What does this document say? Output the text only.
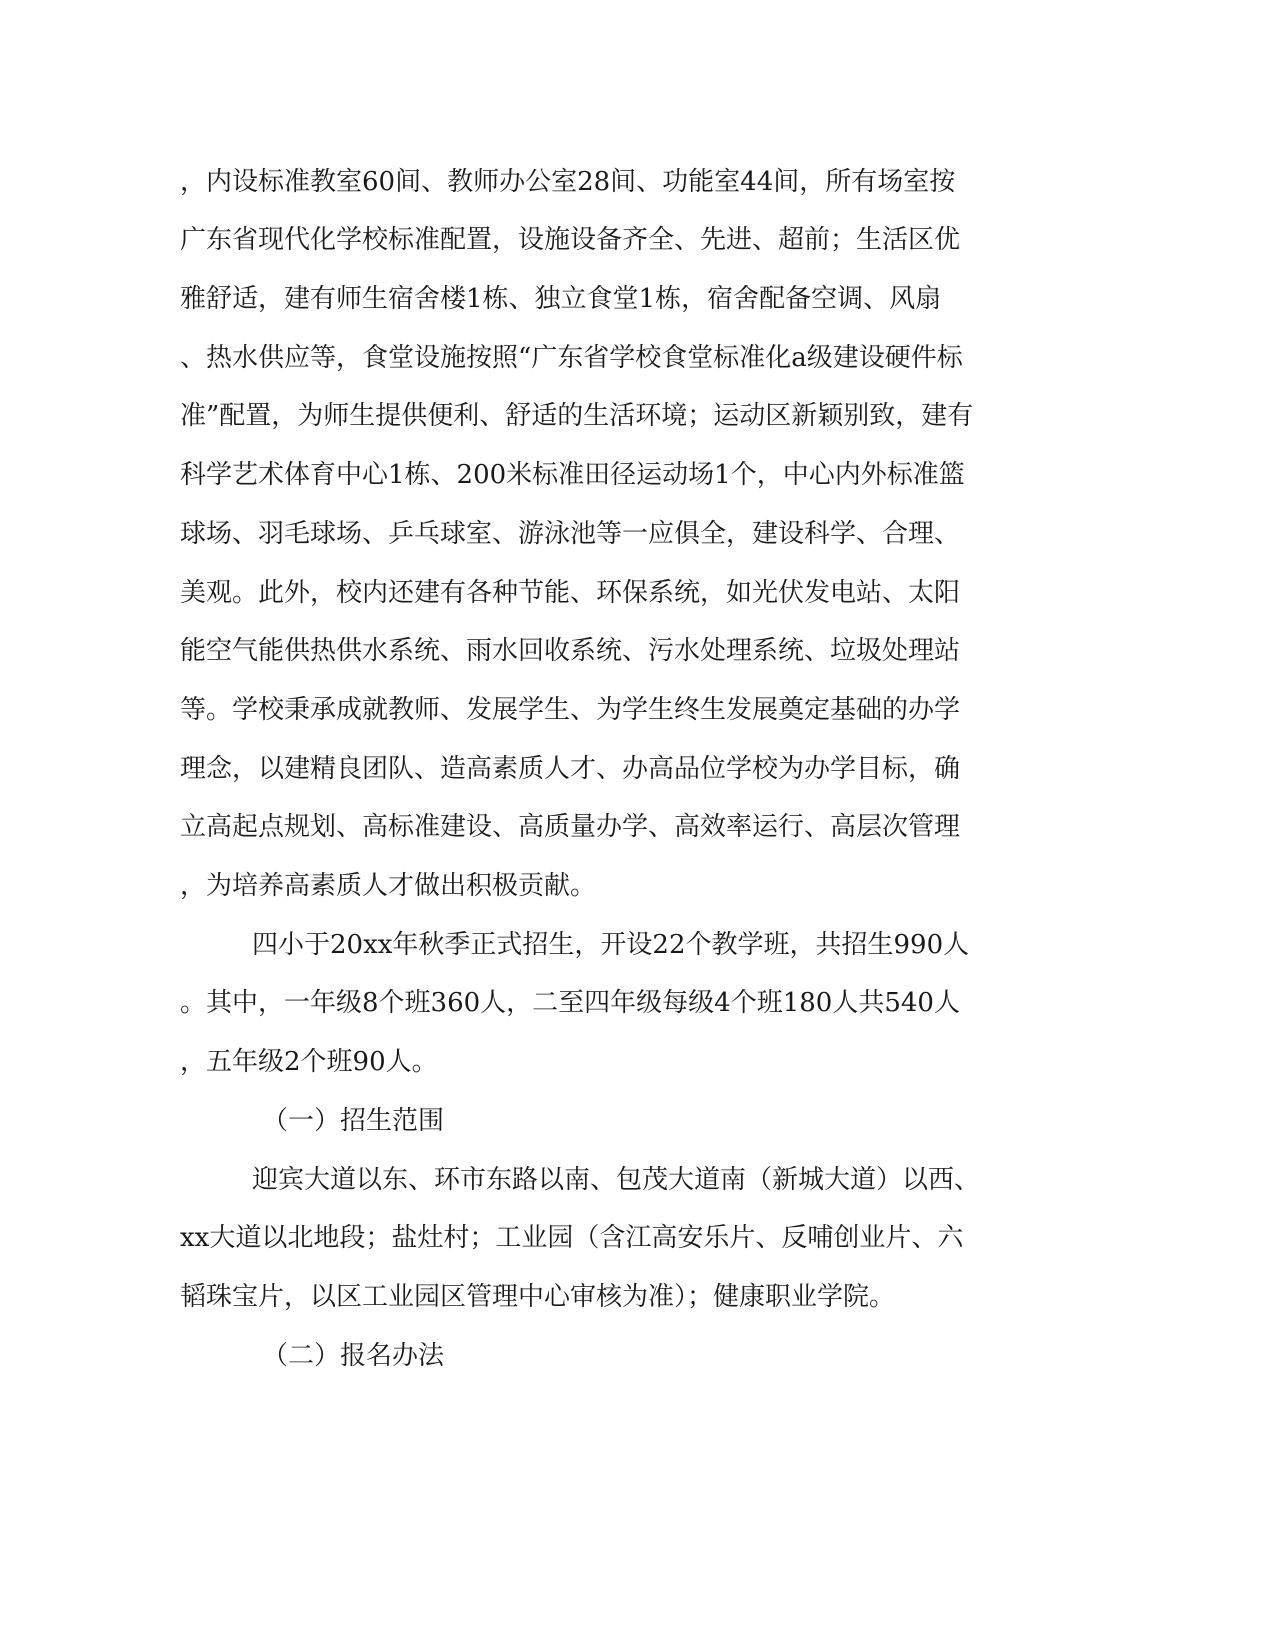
，内设标准教室60间、教师办公室28间、功能室44间，所有场室按

广东省现代化学校标准配置，设施设备齐全、先进、超前；生活区优

雅舒适，建有师生宿舍楼1栋、独立食堂1栋，宿舍配备空调、风扇

、热水供应等，食堂设施按照“广东省学校食堂标准化a级建设硬件标

准”配置，为师生提供便利、舒适的生活环境；运动区新颖别致，建有

科学艺术体育中心1栋、200米标准田径运动场1个，中心内外标准篮

球场、羽毛球场、乒乓球室、游泳池等一应俱全，建设科学、合理、

美观。此外，校内还建有各种节能、环保系统，如光伏发电站、太阳

能空气能供热供水系统、雨水回收系统、污水处理系统、垃圾处理站

等。学校秉承成就教师、发展学生、为学生终生发展奠定基础的办学

理念，以建精良团队、造高素质人才、办高品位学校为办学目标，确

立高起点规划、高标准建设、高质量办学、高效率运行、高层次管理

，为培养高素质人才做出积极贡献。

四小于20xx年秋季正式招生，开设22个教学班，共招生990人

。其中，一年级8个班360人，二至四年级每级4个班180人共540人

，五年级2个班90人。

（一）招生范围

迎宾大道以东、环市东路以南、包茂大道南（新城大道）以西、

xx大道以北地段；盐灶村；工业园（含江高安乐片、反哺创业片、六

韬珠宝片，以区工业园区管理中心审核为准）；健康职业学院。

（二）报名办法
